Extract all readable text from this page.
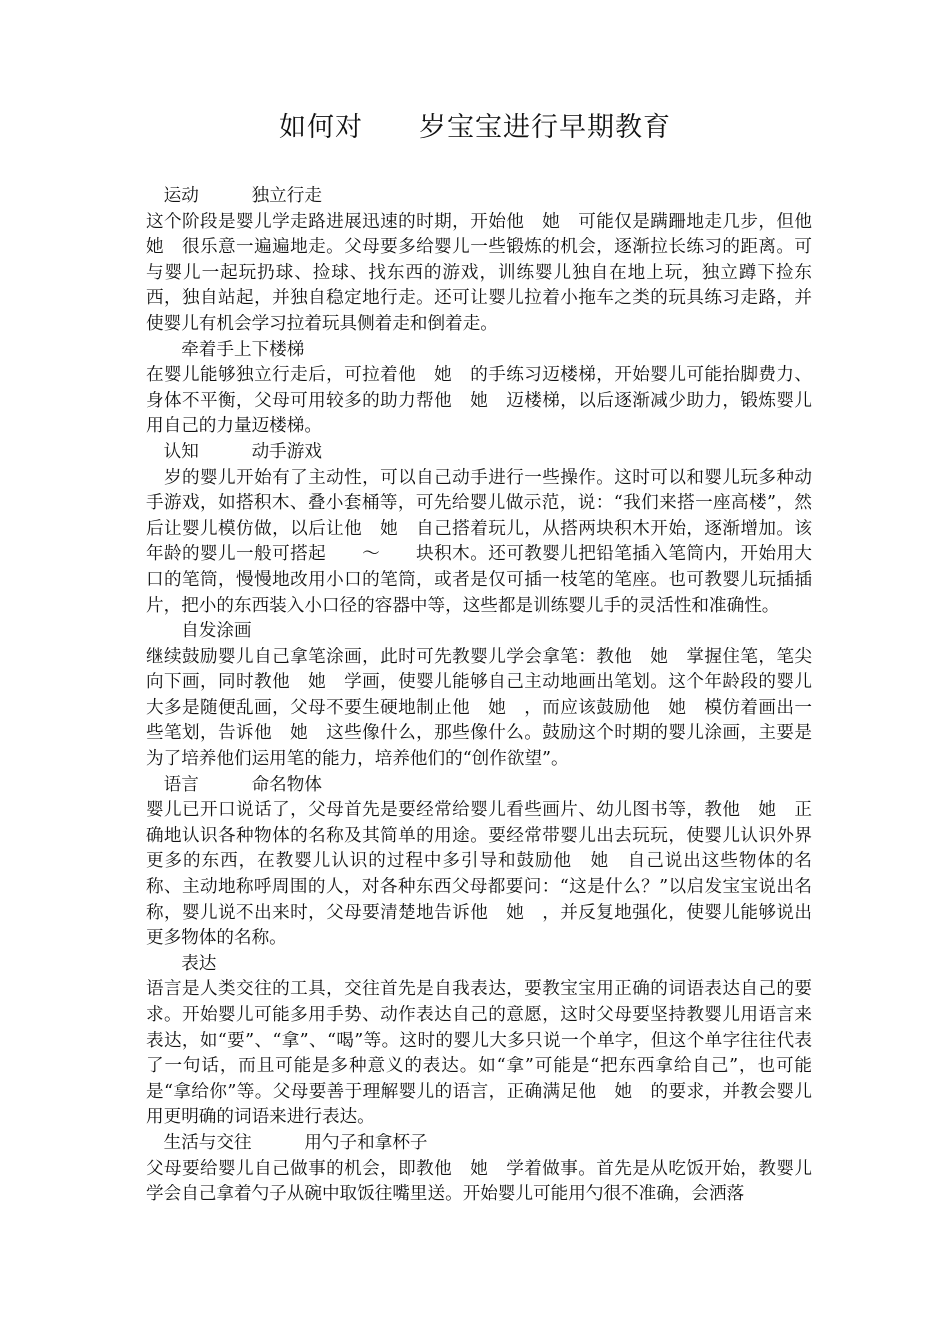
如何对　　岁宝宝进行早期教育

　运动　　　独立行走

这个阶段是婴儿学走路进展迅速的时期，开始他　她　可能仅是蹒跚地走几步，但他　她　很乐意一遍遍地走。父母要多给婴儿一些锻炼的机会，逐渐拉长练习的距离。可与婴儿一起玩扔球、捡球、找东西的游戏，训练婴儿独自在地上玩，独立蹲下捡东西，独自站起，并独自稳定地行走。还可让婴儿拉着小拖车之类的玩具练习走路，并使婴儿有机会学习拉着玩具侧着走和倒着走。

　　牵着手上下楼梯

在婴儿能够独立行走后，可拉着他　她　的手练习迈楼梯，开始婴儿可能抬脚费力、身体不平衡，父母可用较多的助力帮他　她　迈楼梯，以后逐渐减少助力，锻炼婴儿用自己的力量迈楼梯。

　认知　　　动手游戏

　岁的婴儿开始有了主动性，可以自己动手进行一些操作。这时可以和婴儿玩多种动手游戏，如搭积木、叠小套桶等，可先给婴儿做示范，说：“我们来搭一座高楼”，然后让婴儿模仿做，以后让他　她　自己搭着玩儿，从搭两块积木开始，逐渐增加。该年龄的婴儿一般可搭起　　～　　块积木。还可教婴儿把铅笔插入笔筒内，开始用大口的笔筒，慢慢地改用小口的笔筒，或者是仅可插一枝笔的笔座。也可教婴儿玩插插片，把小的东西装入小口径的容器中等，这些都是训练婴儿手的灵活性和准确性。

　　自发涂画

继续鼓励婴儿自己拿笔涂画，此时可先教婴儿学会拿笔：教他　她　掌握住笔，笔尖向下画，同时教他　她　学画，使婴儿能够自己主动地画出笔划。这个年龄段的婴儿大多是随便乱画，父母不要生硬地制止他　她　，而应该鼓励他　她　模仿着画出一些笔划，告诉他　她　这些像什么，那些像什么。鼓励这个时期的婴儿涂画，主要是为了培养他们运用笔的能力，培养他们的“创作欲望”。

　语言　　　命名物体

婴儿已开口说话了，父母首先是要经常给婴儿看些画片、幼儿图书等，教他　她　正确地认识各种物体的名称及其简单的用途。要经常带婴儿出去玩玩，使婴儿认识外界更多的东西，在教婴儿认识的过程中多引导和鼓励他　她　自己说出这些物体的名称、主动地称呼周围的人，对各种东西父母都要问：“这是什么？”以启发宝宝说出名称，婴儿说不出来时，父母要清楚地告诉他　她　，并反复地强化，使婴儿能够说出更多物体的名称。

　　表达

语言是人类交往的工具，交往首先是自我表达，要教宝宝用正确的词语表达自己的要求。开始婴儿可能多用手势、动作表达自己的意愿，这时父母要坚持教婴儿用语言来表达，如“要”、“拿”、“喝”等。这时的婴儿大多只说一个单字，但这个单字往往代表了一句话，而且可能是多种意义的表达。如“拿”可能是“把东西拿给自己”，也可能是“拿给你”等。父母要善于理解婴儿的语言，正确满足他　她　的要求，并教会婴儿用更明确的词语来进行表达。

　生活与交往　　　用勺子和拿杯子

父母要给婴儿自己做事的机会，即教他　她　学着做事。首先是从吃饭开始，教婴儿学会自己拿着勺子从碗中取饭往嘴里送。开始婴儿可能用勺很不准确，会洒落
